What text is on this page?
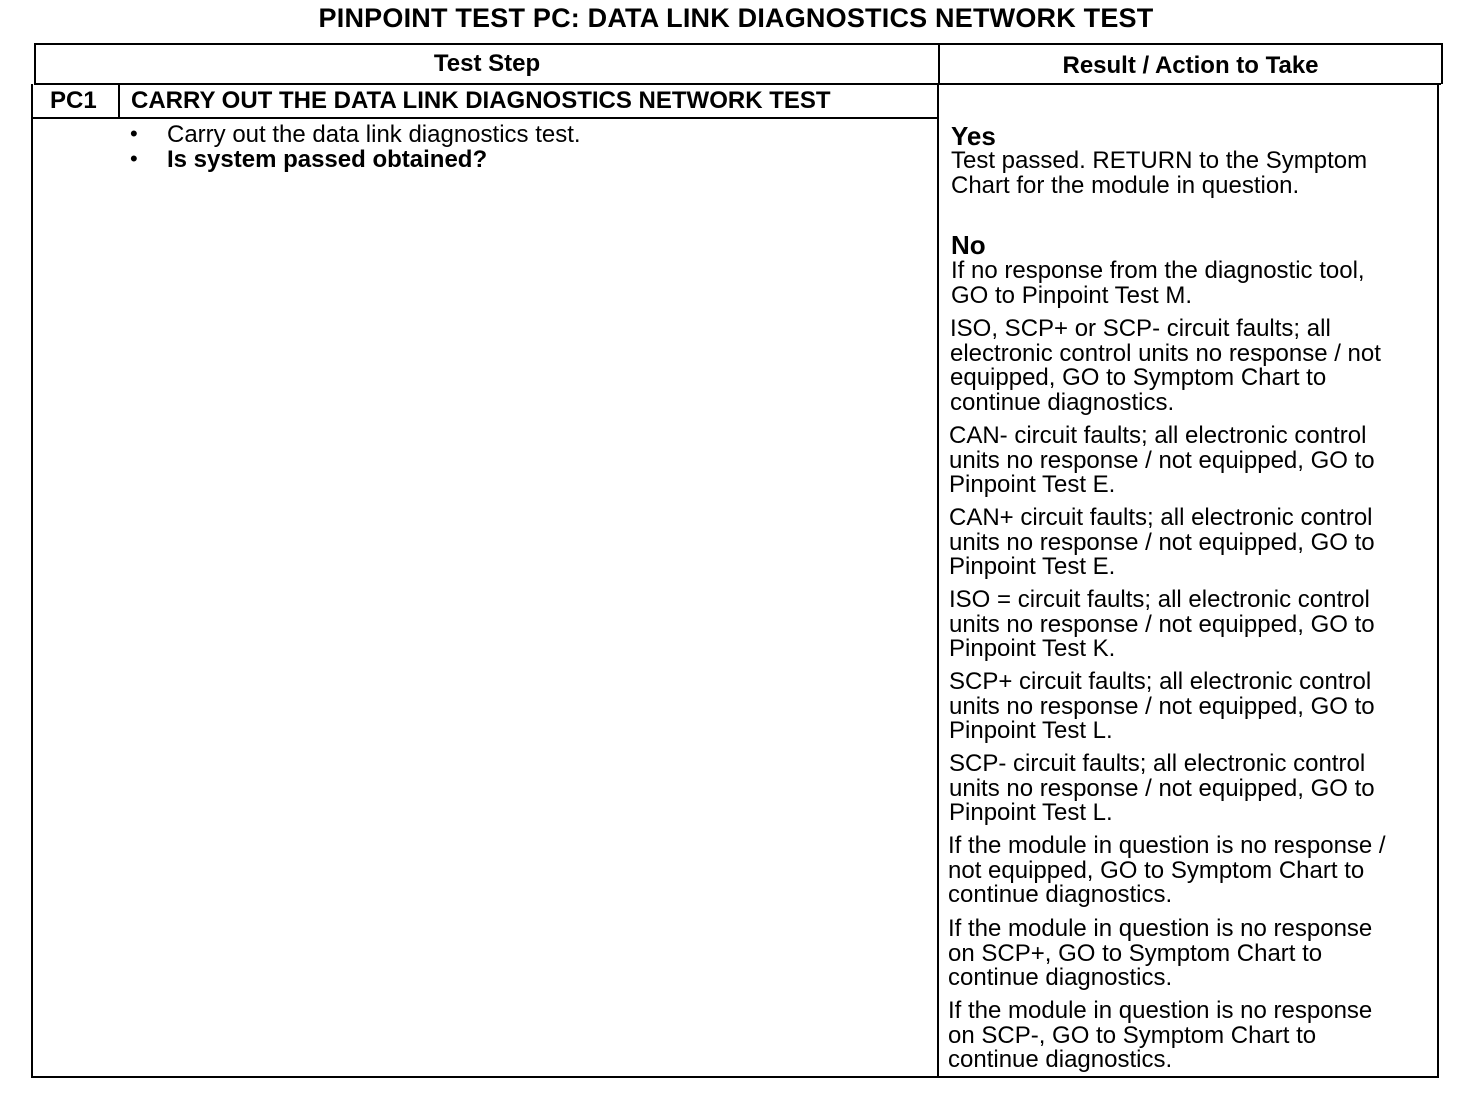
PINPOINT TEST PC: DATA LINK DIAGNOSTICS NETWORK TEST
Test Step	Result / Action to Take
PC1 CARRY OUT THE DATA LINK DIAGNOSTICS NETWORK TEST
• Carry out the data link diagnostics test.
• Is system passed obtained?
Yes
Test passed. RETURN to the Symptom
Chart for the module in question.
No
If no response from the diagnostic tool,
GO to Pinpoint Test M.
ISO, SCP+ or SCP- circuit faults; all
electronic control units no response / not
equipped, GO to Symptom Chart to
continue diagnostics.
CAN- circuit faults; all electronic control
units no response / not equipped, GO to
Pinpoint Test E.
CAN+ circuit faults; all electronic control
units no response / not equipped, GO to
Pinpoint Test E.
ISO = circuit faults; all electronic control
units no response / not equipped, GO to
Pinpoint Test K.
SCP+ circuit faults; all electronic control
units no response / not equipped, GO to
Pinpoint Test L.
SCP- circuit faults; all electronic control
units no response / not equipped, GO to
Pinpoint Test L.
If the module in question is no response /
not equipped, GO to Symptom Chart to
continue diagnostics.
If the module in question is no response
on SCP+, GO to Symptom Chart to
continue diagnostics.
If the module in question is no response
on SCP-, GO to Symptom Chart to
continue diagnostics.
